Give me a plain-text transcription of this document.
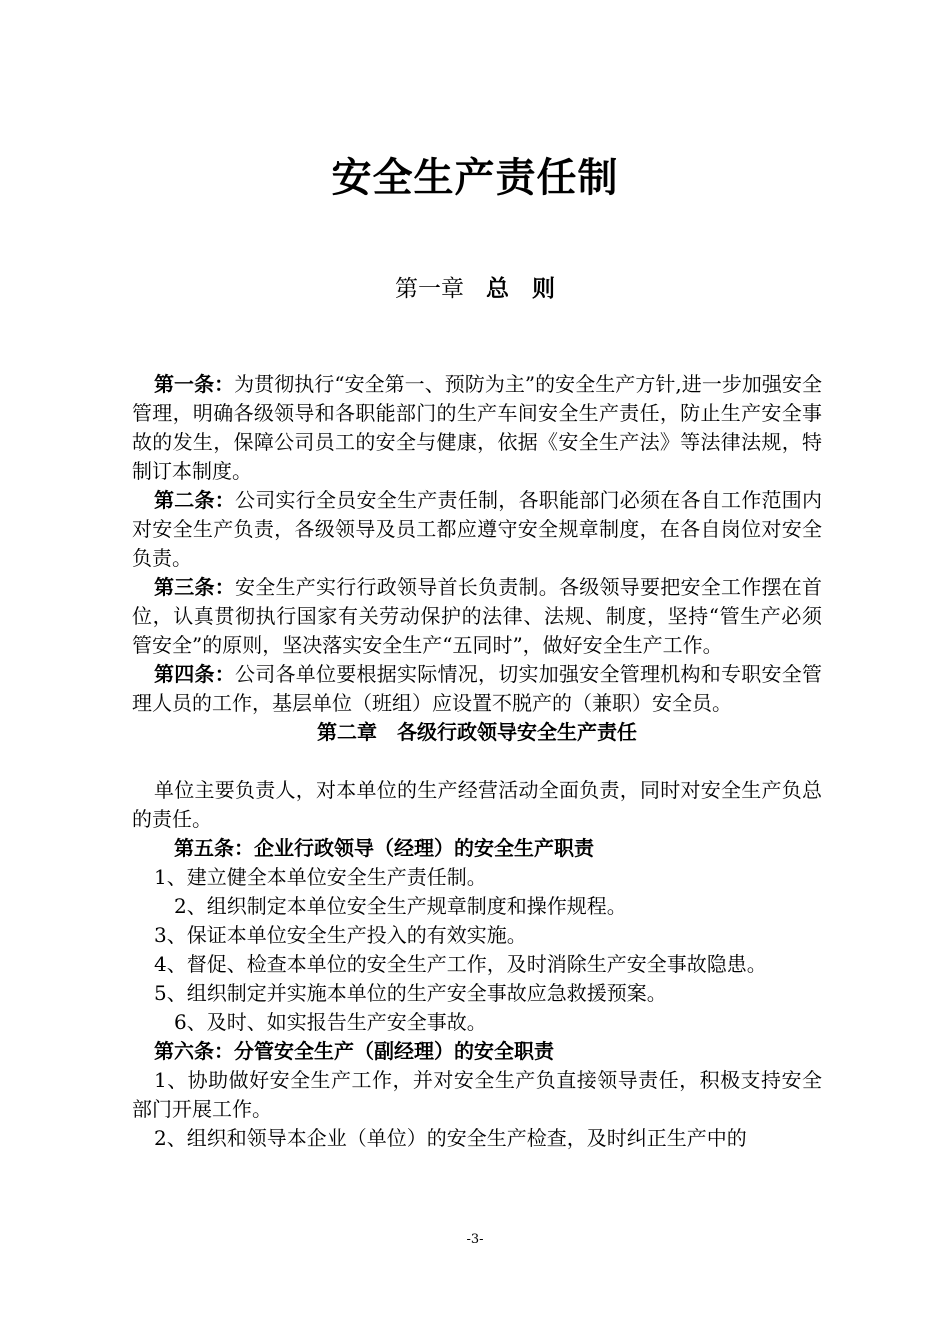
安全生产责任制

第一章 总　则

第一条：为贯彻执行“安全第一、预防为主”的安全生产方针,进一步加强安全管理，明确各级领导和各职能部门的生产车间安全生产责任，防止生产安全事故的发生，保障公司员工的安全与健康，依据《安全生产法》等法律法规，特制订本制度。

第二条：公司实行全员安全生产责任制，各职能部门必须在各自工作范围内对安全生产负责，各级领导及员工都应遵守安全规章制度，在各自岗位对安全负责。

第三条：安全生产实行行政领导首长负责制。各级领导要把安全工作摆在首位，认真贯彻执行国家有关劳动保护的法律、法规、制度，坚持“管生产必须管安全”的原则，坚决落实安全生产“五同时”，做好安全生产工作。

第四条：公司各单位要根据实际情况，切实加强安全管理机构和专职安全管理人员的工作，基层单位（班组）应设置不脱产的（兼职）安全员。

第二章　各级行政领导安全生产责任

单位主要负责人，对本单位的生产经营活动全面负责，同时对安全生产负总的责任。

第五条：企业行政领导（经理）的安全生产职责

1、建立健全本单位安全生产责任制。

2、组织制定本单位安全生产规章制度和操作规程。

3、保证本单位安全生产投入的有效实施。

4、督促、检查本单位的安全生产工作，及时消除生产安全事故隐患。

5、组织制定并实施本单位的生产安全事故应急救援预案。

6、及时、如实报告生产安全事故。

第六条：分管安全生产（副经理）的安全职责

1、协助做好安全生产工作，并对安全生产负直接领导责任，积极支持安全部门开展工作。

2、组织和领导本企业（单位）的安全生产检查，及时纠正生产中的

-3-
